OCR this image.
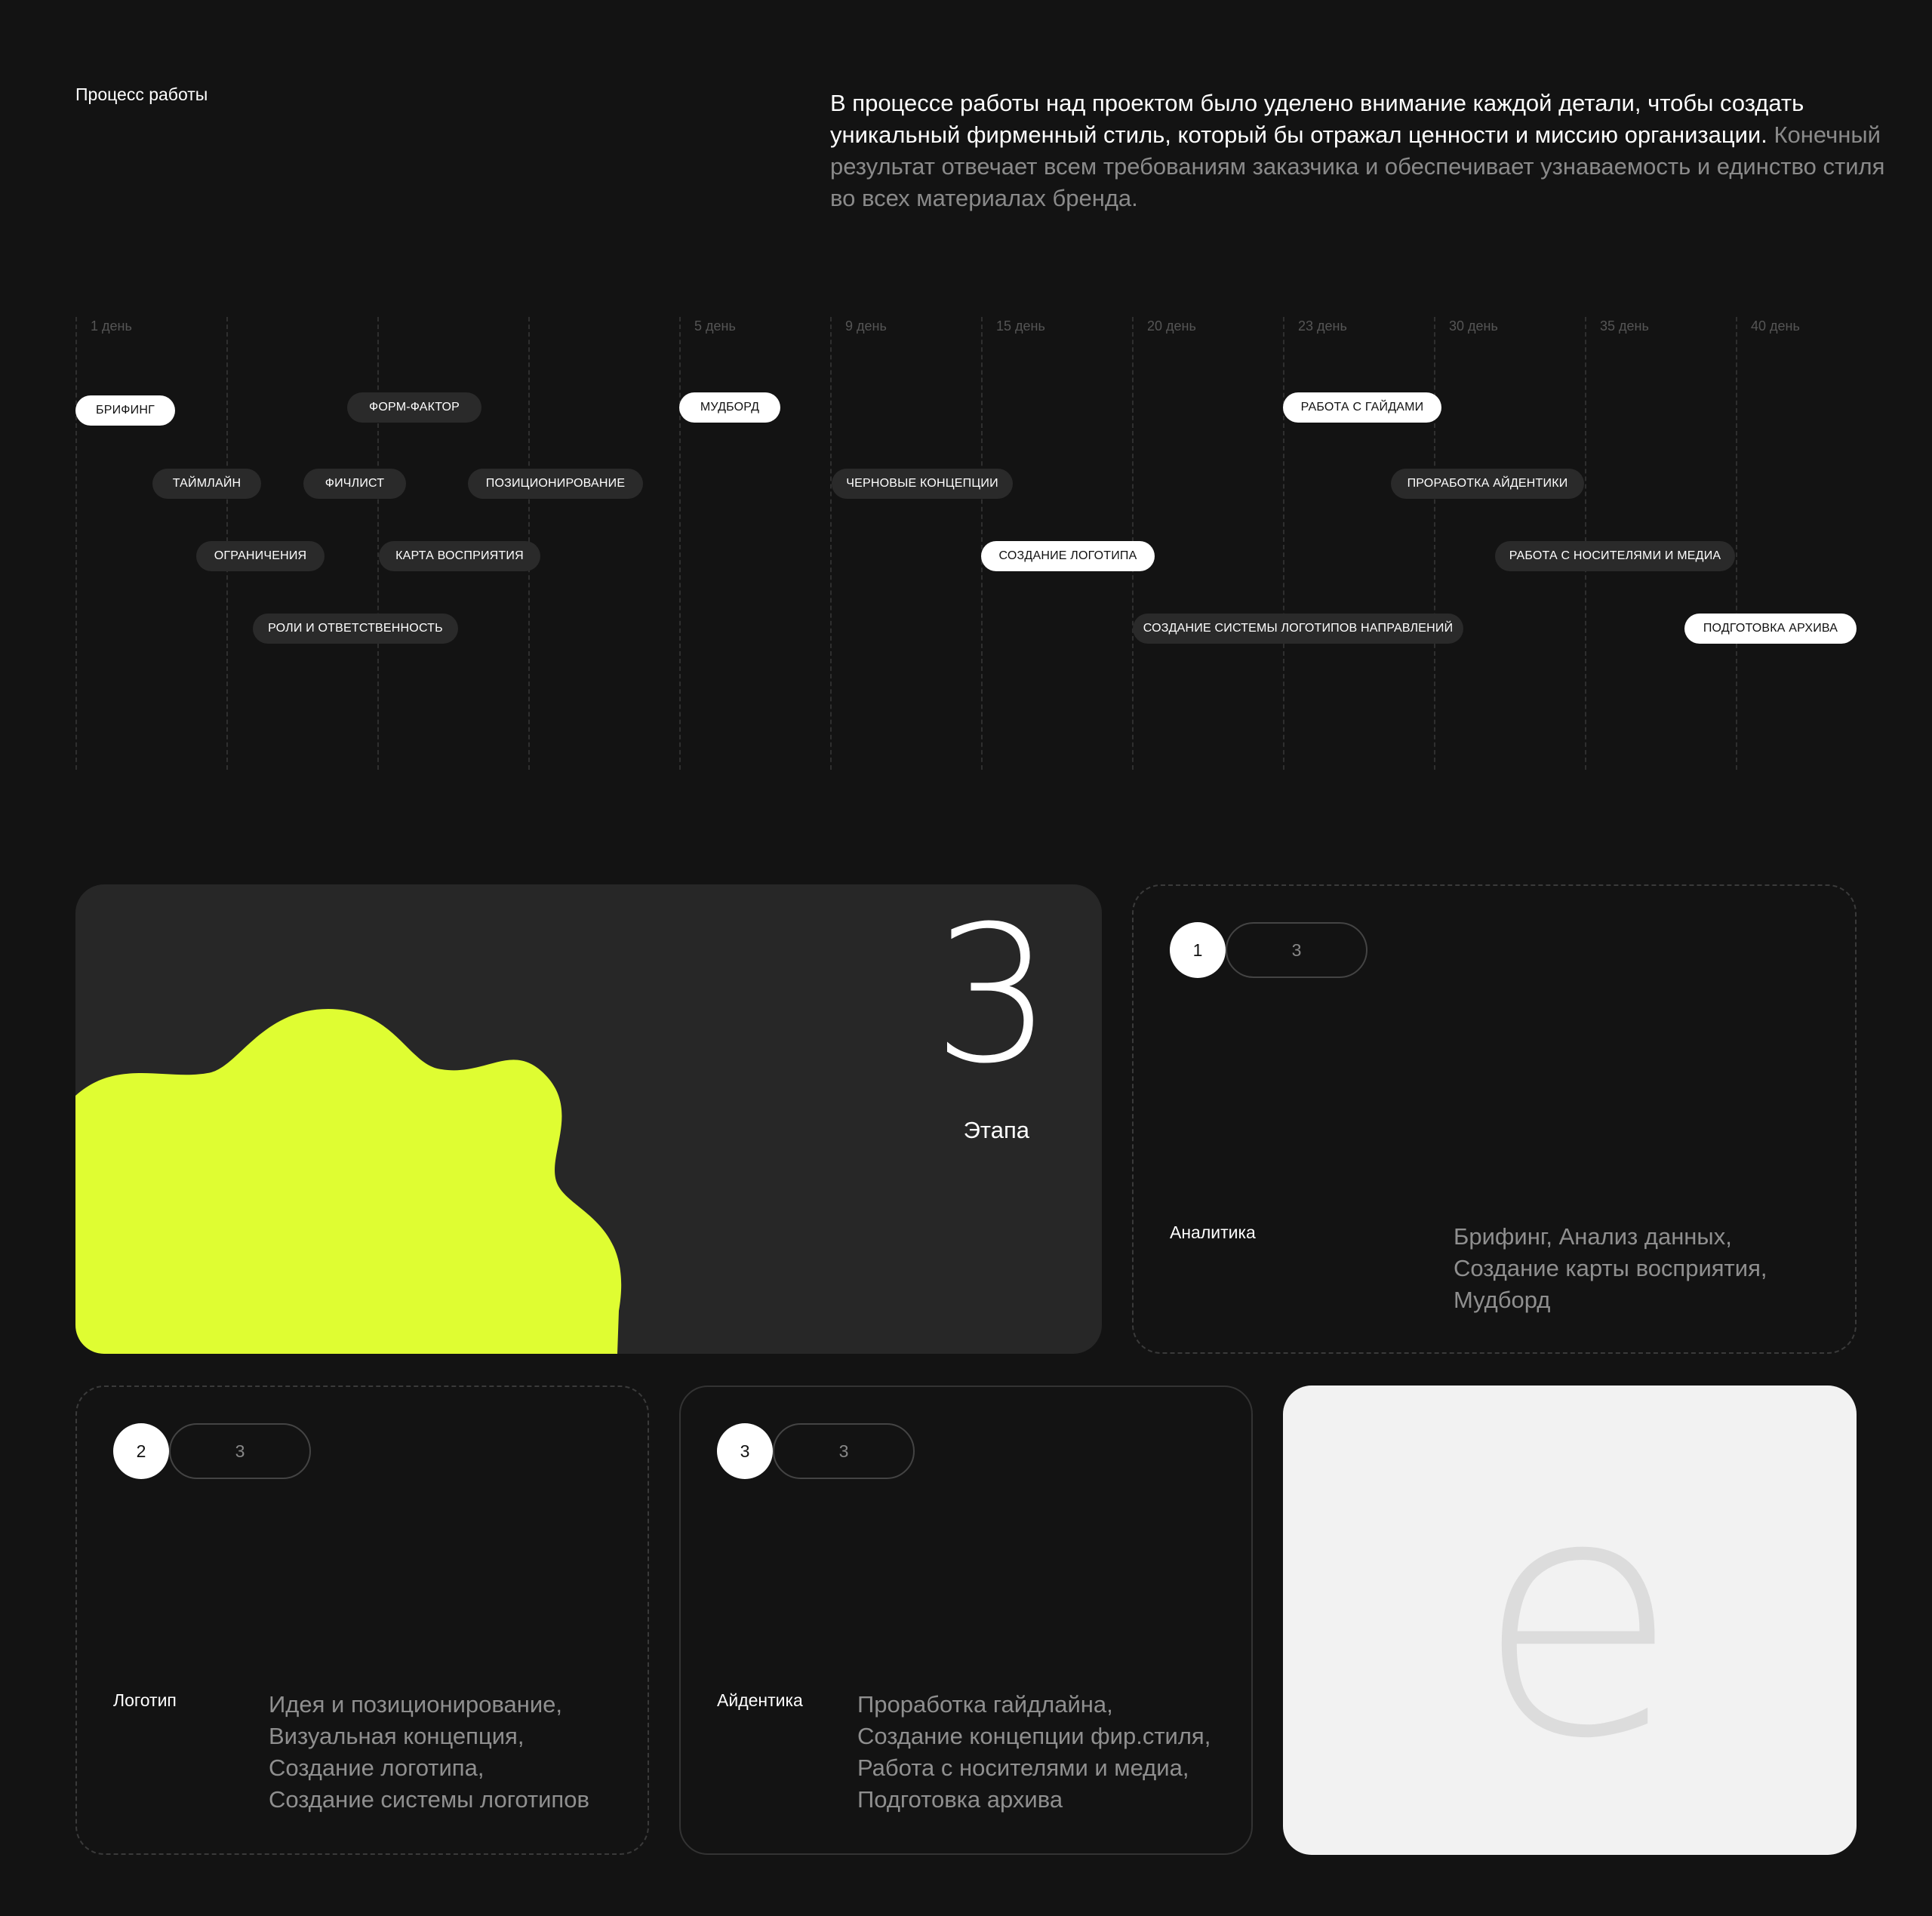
Процесс работы	В процессе работы над проектом было уделено внимание каждой детали, чтобы создать уникальный фирменный стиль, который бы отражал ценности и миссию организации. Конечный результат отвечает всем требованиям заказчика и обеспечивает узнаваемость и единство стиля во всех материалах бренда.
1 день	5 день	9 день	15 день	20 день	23 день	30 день	35 день	40 день
БРИФИНГ	ФОРМ-ФАКТОР	МУДБОРД	РАБОТА С ГАЙДАМИ
ТАЙМЛАЙН	ФИЧЛИСТ	ПОЗИЦИОНИРОВАНИЕ	ЧЕРНОВЫЕ КОНЦЕПЦИИ	ПРОРАБОТКА АЙДЕНТИКИ
ОГРАНИЧЕНИЯ	КАРТА ВОСПРИЯТИЯ	СОЗДАНИЕ ЛОГОТИПА	РАБОТА С НОСИТЕЛЯМИ И МЕДИА
РОЛИ И ОТВЕТСТВЕННОСТЬ	СОЗДАНИЕ СИСТЕМЫ ЛОГОТИПОВ НАПРАВЛЕНИЙ	ПОДГОТОВКА АРХИВА
3
Этапа
1	3
Аналитика	Брифинг, Анализ данных,
Создание карты восприятия,
Мудборд
2	3
Логотип	Идея и позиционирование,
Визуальная концепция,
Создание логотипа,
Создание системы логотипов
3	3
Айдентика Проработка гайдлайна,
Создание концепции фир.стиля,
Работа с носителями и медиа,
Подготовка архива	e
